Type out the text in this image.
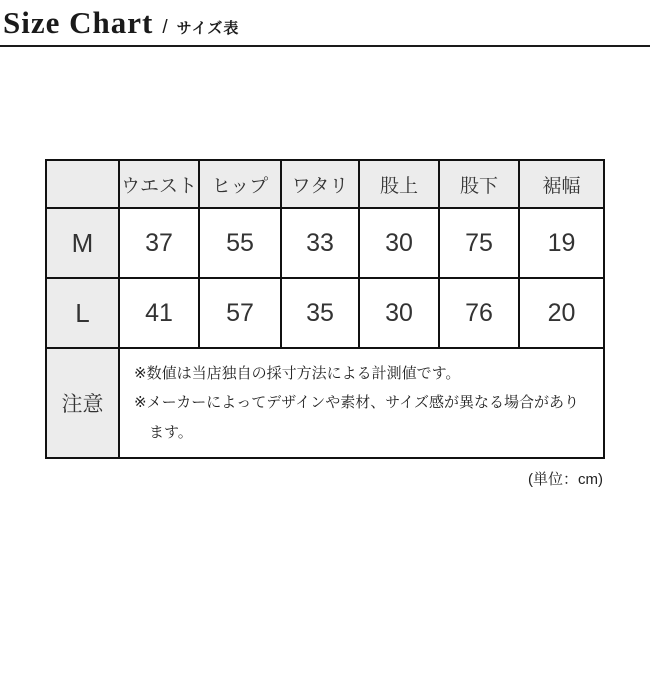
Size Chart / サイズ表
	ウエスト	ヒップ	ワタリ	股上	股下	裾幅
M	37	55	33	30	75	19
L	41	57	35	30	76	20
注意	※数値は当店独自の採寸方法による計測値です。
※メーカーによってデザインや素材、サイズ感が異なる場合があります。					
(単位：cm)
